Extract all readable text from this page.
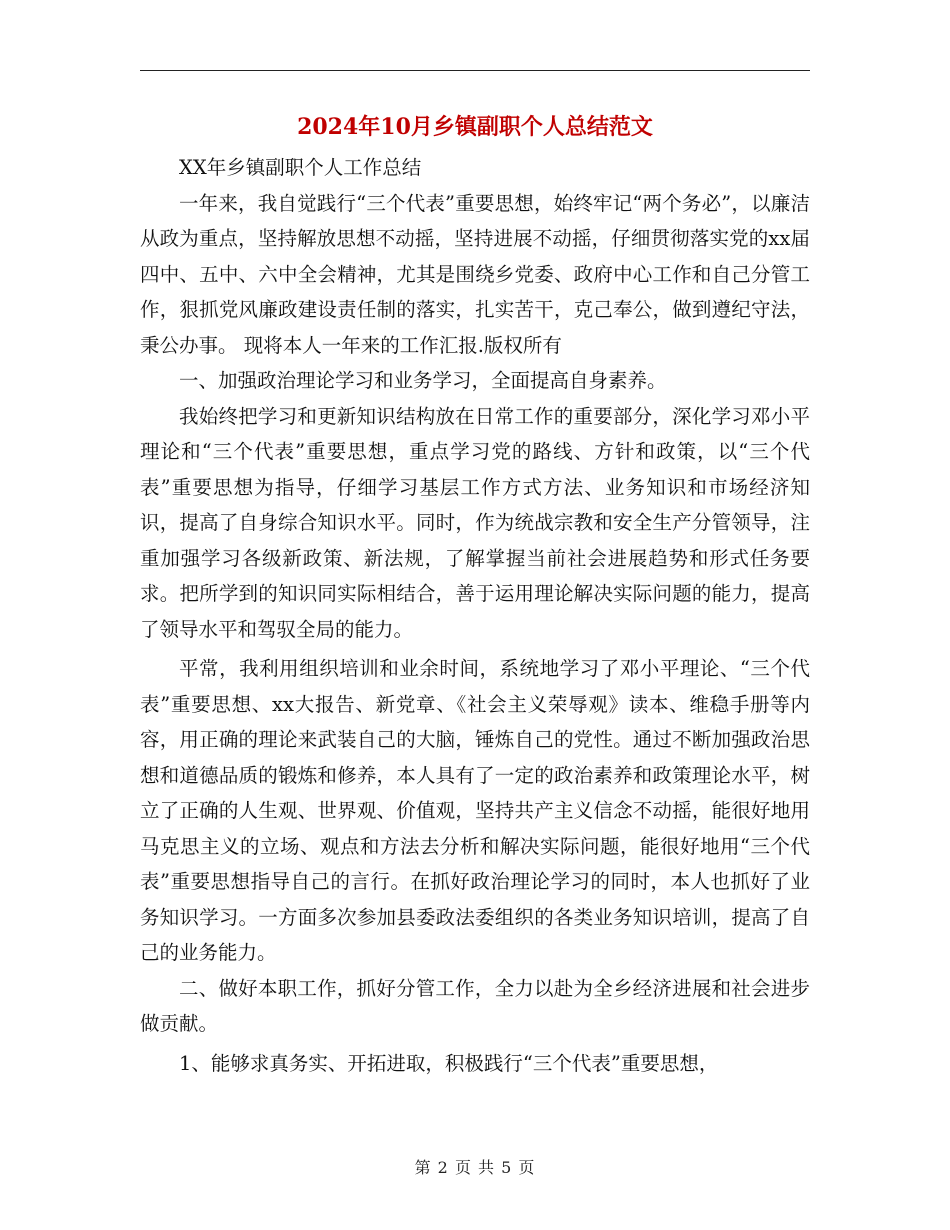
2024年10月乡镇副职个人总结范文

XX年乡镇副职个人工作总结

一年来，我自觉践行“三个代表”重要思想，始终牢记“两个务必”，以廉洁从政为重点，坚持解放思想不动摇，坚持进展不动摇，仔细贯彻落实党的xx届四中、五中、六中全会精神，尤其是围绕乡党委、政府中心工作和自己分管工作，狠抓党风廉政建设责任制的落实，扎实苦干，克己奉公，做到遵纪守法，秉公办事。 现将本人一年来的工作汇报.版权所有

一、加强政治理论学习和业务学习，全面提高自身素养。

我始终把学习和更新知识结构放在日常工作的重要部分，深化学习邓小平理论和“三个代表”重要思想，重点学习党的路线、方针和政策，以“三个代表”重要思想为指导，仔细学习基层工作方式方法、业务知识和市场经济知识，提高了自身综合知识水平。同时，作为统战宗教和安全生产分管领导，注重加强学习各级新政策、新法规，了解掌握当前社会进展趋势和形式任务要求。把所学到的知识同实际相结合，善于运用理论解决实际问题的能力，提高了领导水平和驾驭全局的能力。

平常，我利用组织培训和业余时间，系统地学习了邓小平理论、“三个代表”重要思想、xx大报告、新党章、《社会主义荣辱观》读本、维稳手册等内容，用正确的理论来武装自己的大脑，锤炼自己的党性。通过不断加强政治思想和道德品质的锻炼和修养，本人具有了一定的政治素养和政策理论水平，树立了正确的人生观、世界观、价值观，坚持共产主义信念不动摇，能很好地用马克思主义的立场、观点和方法去分析和解决实际问题，能很好地用“三个代表”重要思想指导自己的言行。在抓好政治理论学习的同时，本人也抓好了业务知识学习。一方面多次参加县委政法委组织的各类业务知识培训，提高了自己的业务能力。

二、做好本职工作，抓好分管工作，全力以赴为全乡经济进展和社会进步做贡献。

1、能够求真务实、开拓进取，积极践行“三个代表”重要思想，

第 2 页 共 5 页
